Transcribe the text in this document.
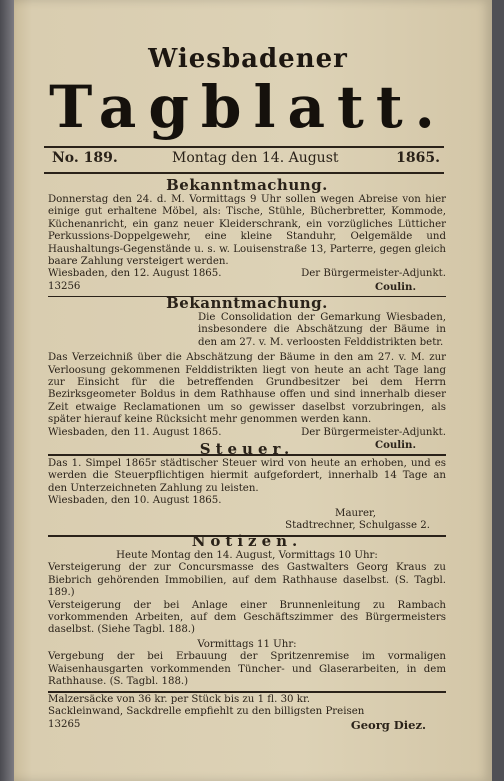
Wiesbadener
Tagblatt.
No. 189.	Montag den 14. August	1865.
Bekanntmachung.

Donnerstag den 24. d. M. Vormittags 9 Uhr sollen wegen Abreise von hier einige gut erhaltene Möbel, als: Tische, Stühle, Bücherbretter, Kommode, Küchenanricht, ein ganz neuer Kleiderschrank, ein vorzügliches Lütticher Perkussions-Doppelgewehr, eine kleine Standuhr, Oelgemälde und Haushaltungs-Gegenstände u. s. w. Louisenstraße 13, Parterre, gegen gleich baare Zahlung versteigert werden.

Wiesbaden, den 12. August 1865.	Der Bürgermeister-Adjunkt.
13256	Coulin.
Bekanntmachung.

Die Consolidation der Gemarkung Wiesbaden, insbesondere die Abschätzung der Bäume in den am 27. v. M. verloosten Felddistrikten betr.

Das Verzeichniß über die Abschätzung der Bäume in den am 27. v. M. zur Verloosung gekommenen Felddistrikten liegt von heute an acht Tage lang zur Einsicht für die betreffenden Grundbesitzer bei dem Herrn Bezirksgeometer Boldus in dem Rathhause offen und sind innerhalb dieser Zeit etwaige Reclamationen um so gewisser daselbst vorzubringen, als später hierauf keine Rücksicht mehr genommen werden kann.

Wiesbaden, den 11. August 1865.	Der Bürgermeister-Adjunkt.
Coulin.
Steuer.

Das 1. Simpel 1865r städtischer Steuer wird von heute an erhoben, und es werden die Steuerpflichtigen hiermit aufgefordert, innerhalb 14 Tage an den Unterzeichneten Zahlung zu leisten.

Wiesbaden, den 10. August 1865.
Maurer,
Stadtrechner, Schulgasse 2.
Notizen.
Heute Montag den 14. August, Vormittags 10 Uhr:

Versteigerung der zur Concursmasse des Gastwalters Georg Kraus zu Biebrich gehörenden Immobilien, auf dem Rathhause daselbst. (S. Tagbl. 189.)

Versteigerung der bei Anlage einer Brunnenleitung zu Rambach vorkommenden Arbeiten, auf dem Geschäftszimmer des Bürgermeisters daselbst. (Siehe Tagbl. 188.)

Vormittags 11 Uhr:

Vergebung der bei Erbauung der Spritzenremise im vormaligen Waisenhausgarten vorkommenden Tüncher- und Glaserarbeiten, in dem Rathhause. (S. Tagbl. 188.)

Malzersäcke von 36 kr. per Stück bis zu 1 fl. 30 kr.
Sackleinwand, Sackdrelle empfiehlt zu den billigsten Preisen
13265	Georg Diez.
